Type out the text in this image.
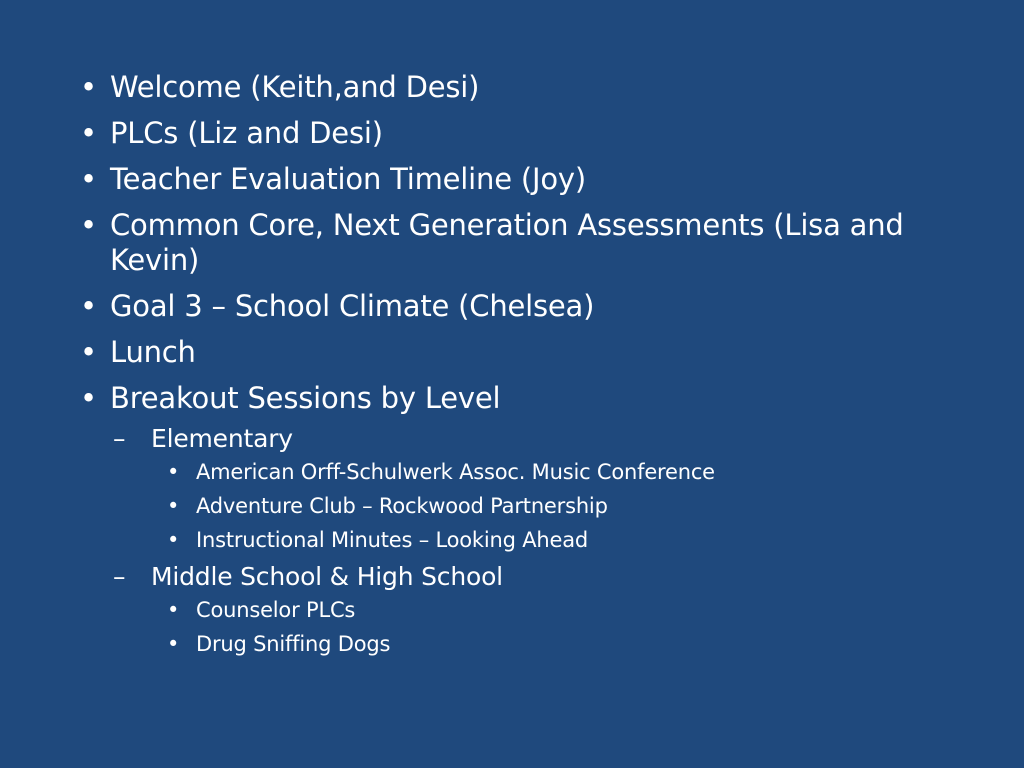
• Welcome (Keith,and Desi)
• PLCs (Liz and Desi)
• Teacher Evaluation Timeline (Joy)
• Common Core, Next Generation Assessments (Lisa and Kevin)
• Goal 3 – School Climate (Chelsea)
• Lunch
• Breakout Sessions by Level
– Elementary
• American Orff-Schulwerk Assoc. Music Conference
• Adventure Club – Rockwood Partnership
• Instructional Minutes – Looking Ahead
– Middle School & High School
• Counselor PLCs
• Drug Sniffing Dogs
